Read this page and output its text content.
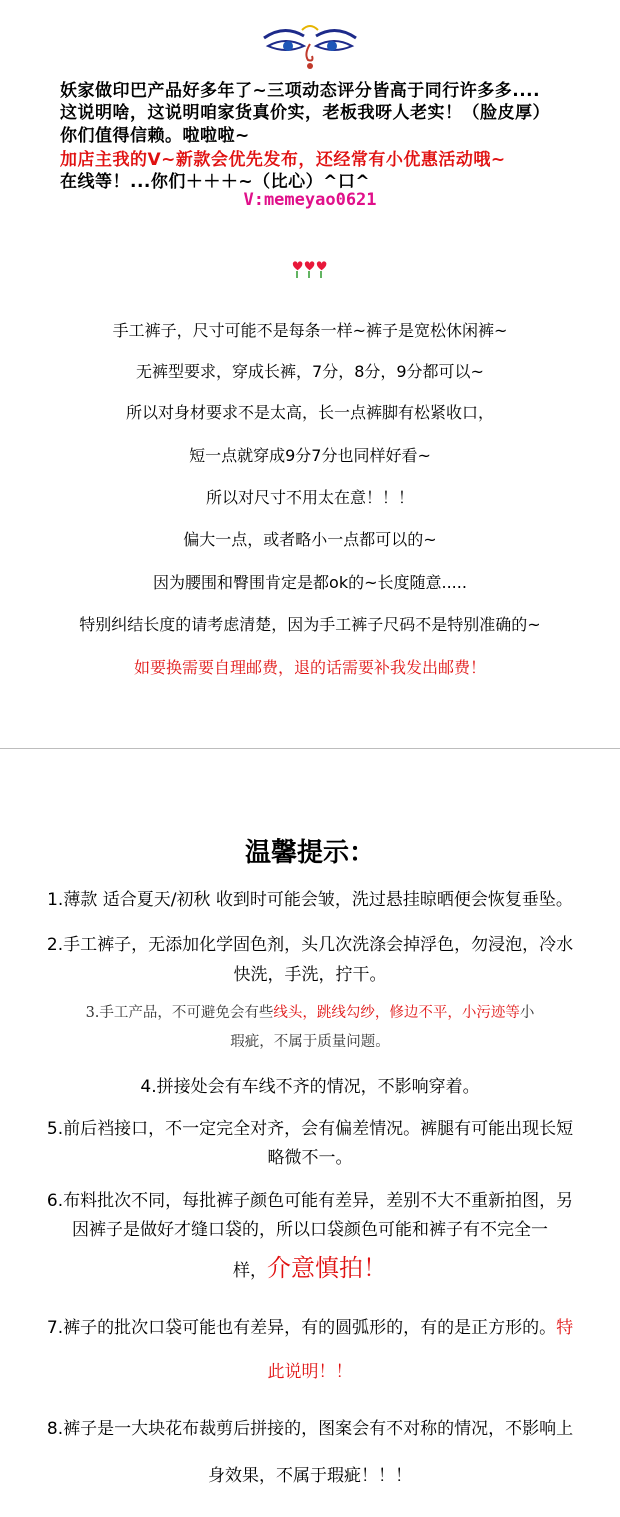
妖家做印巴产品好多年了~三项动态评分皆高于同行许多多....
这说明啥，这说明咱家货真价实，老板我呀人老实！（脸皮厚）
你们值得信赖。啦啦啦~
加店主我的V~新款会优先发布，还经常有小优惠活动哦~
在线等！...你们＋＋＋~（比心）^口^
V:memeyao0621
手工裤子，尺寸可能不是每条一样~裤子是宽松休闲裤~
无裤型要求，穿成长裤，7分，8分，9分都可以~
所以对身材要求不是太高，长一点裤脚有松紧收口，
短一点就穿成9分7分也同样好看~
所以对尺寸不用太在意！！！
偏大一点，或者略小一点都可以的~
因为腰围和臀围肯定是都ok的~长度随意.....
特别纠结长度的请考虑清楚，因为手工裤子尺码不是特别准确的~
如要换需要自理邮费，退的话需要补我发出邮费！
温馨提示：
1.薄款 适合夏天/初秋 收到时可能会皱，洗过悬挂晾晒便会恢复垂坠。
2.手工裤子，无添加化学固色剂，头几次洗涤会掉浮色，勿浸泡，冷水
快洗，手洗，拧干。
3.手工产品，不可避免会有些线头，跳线勾纱，修边不平，小污迹等小
瑕疵，不属于质量问题。
4.拼接处会有车线不齐的情况，不影响穿着。
5.前后裆接口，不一定完全对齐，会有偏差情况。裤腿有可能出现长短
略微不一。
6.布料批次不同，每批裤子颜色可能有差异，差别不大不重新拍图，另
因裤子是做好才缝口袋的，所以口袋颜色可能和裤子有不完全一
样，介意慎拍！
7.裤子的批次口袋可能也有差异，有的圆弧形的，有的是正方形的。特
此说明！！
8.裤子是一大块花布裁剪后拼接的，图案会有不对称的情况，不影响上
身效果，不属于瑕疵！！！
